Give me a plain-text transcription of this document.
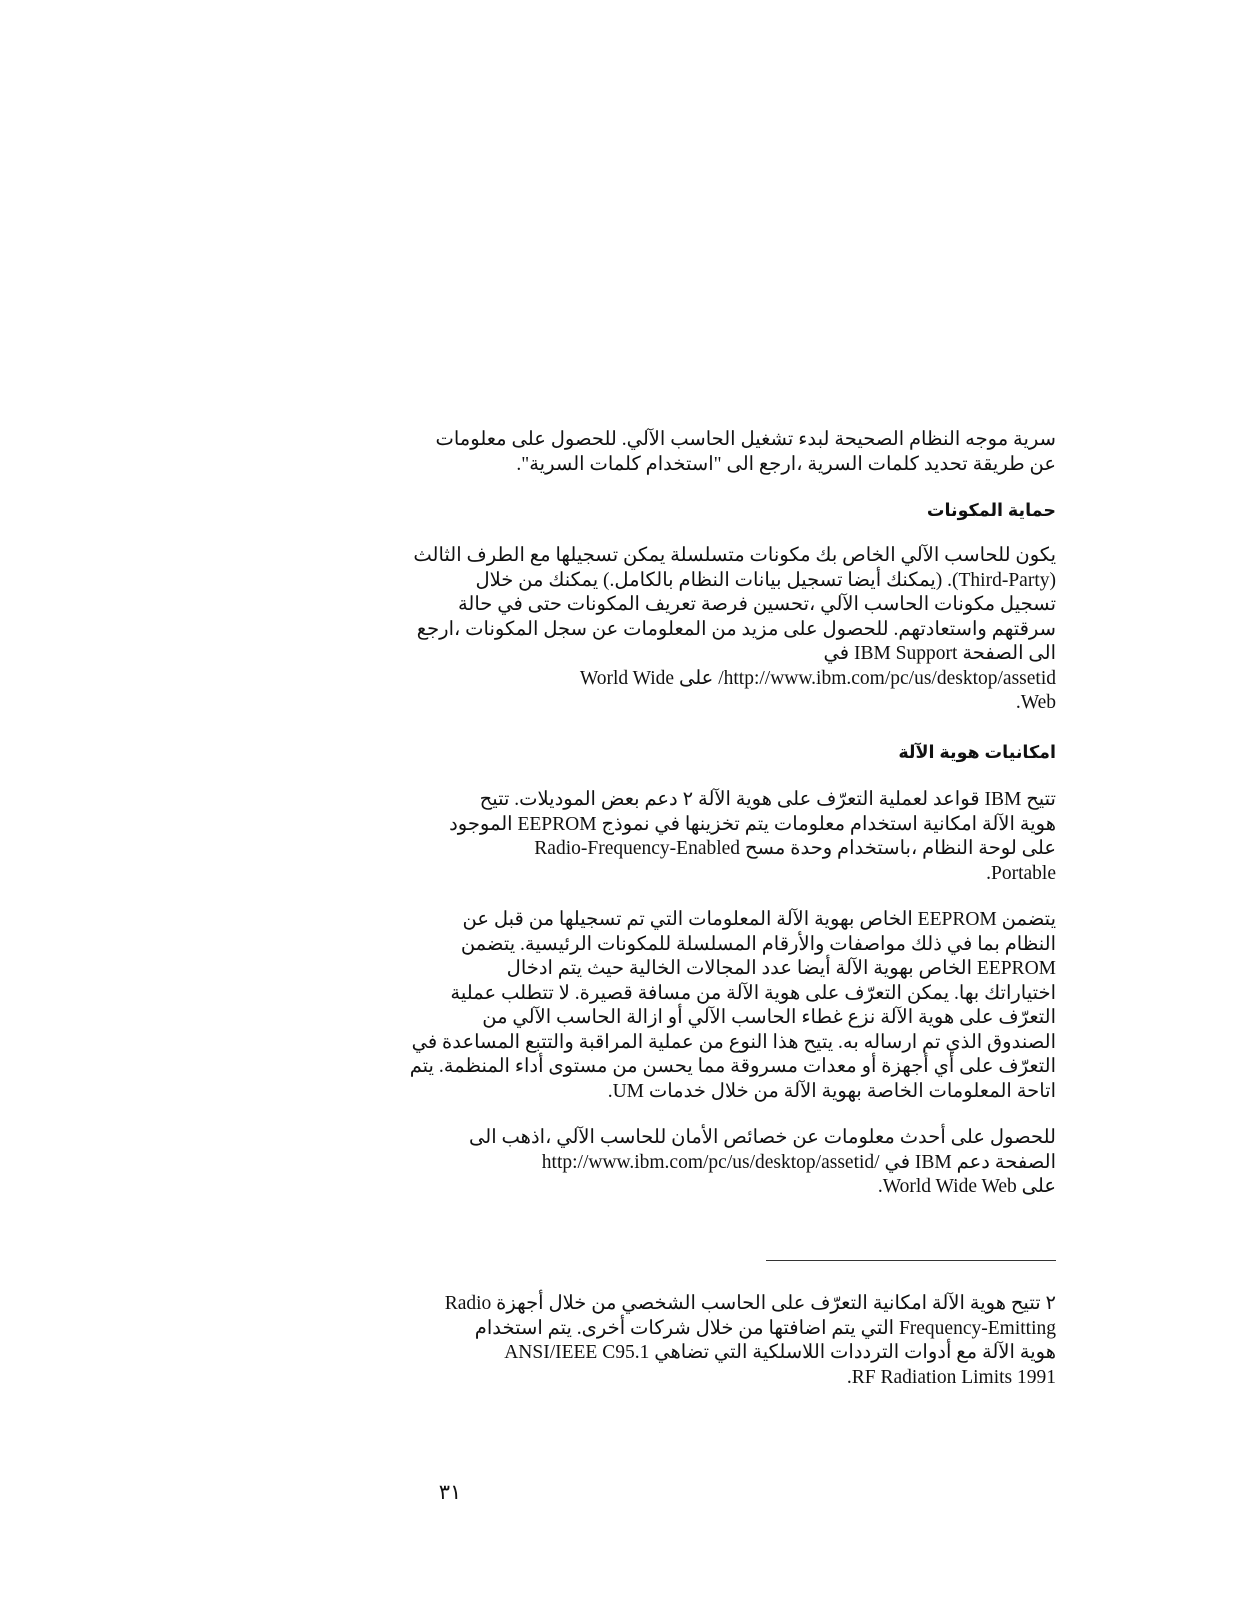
سرية موجه النظام الصحيحة لبدء تشغيل الحاسب الآلي. للحصول على معلومات
عن طريقة تحديد كلمات السرية ،ارجع الى "استخدام كلمات السرية".

حماية المكونات

يكون للحاسب الآلي الخاص بك مكونات متسلسلة يمكن تسجيلها مع الطرف الثالث
(Third-Party). (يمكنك أيضا تسجيل بيانات النظام بالكامل.) يمكنك من خلال
تسجيل مكونات الحاسب الآلي ،تحسين فرصة تعريف المكونات حتى في حالة
سرقتهم واستعادتهم. للحصول على مزيد من المعلومات عن سجل المكونات ،ارجع
الى الصفحة IBM Support في
http://www.ibm.com/pc/us/desktop/assetid/ على World Wide
Web.

امكانيات هوية الآلة

تتيح IBM قواعد لعملية التعرّف على هوية الآلة ٢ دعم بعض الموديلات. تتيح
هوية الآلة امكانية استخدام معلومات يتم تخزينها في نموذج EEPROM الموجود
على لوحة النظام ،باستخدام وحدة مسح Radio-Frequency-Enabled
Portable.

يتضمن EEPROM الخاص بهوية الآلة المعلومات التي تم تسجيلها من قبل عن
النظام بما في ذلك مواصفات والأرقام المسلسلة للمكونات الرئيسية. يتضمن
EEPROM الخاص بهوية الآلة أيضا عدد المجالات الخالية حيث يتم ادخال
اختياراتك بها. يمكن التعرّف على هوية الآلة من مسافة قصيرة. لا تتطلب عملية
التعرّف على هوية الآلة نزع غطاء الحاسب الآلي أو ازالة الحاسب الآلي من
الصندوق الذي تم ارساله به. يتيح هذا النوع من عملية المراقبة والتتبع المساعدة في
التعرّف على أي أجهزة أو معدات مسروقة مما يحسن من مستوى أداء المنظمة. يتم
اتاحة المعلومات الخاصة بهوية الآلة من خلال خدمات UM.

للحصول على أحدث معلومات عن خصائص الأمان للحاسب الآلي ،اذهب الى
الصفحة دعم IBM في /http://www.ibm.com/pc/us/desktop/assetid
على World Wide Web.

٢ تتيح هوية الآلة امكانية التعرّف على الحاسب الشخصي من خلال أجهزة Radio
Frequency-Emitting التي يتم اضافتها من خلال شركات أخرى. يتم استخدام
هوية الآلة مع أدوات الترددات اللاسلكية التي تضاهي ANSI/IEEE C95.1
1991 RF Radiation Limits.

٣١
